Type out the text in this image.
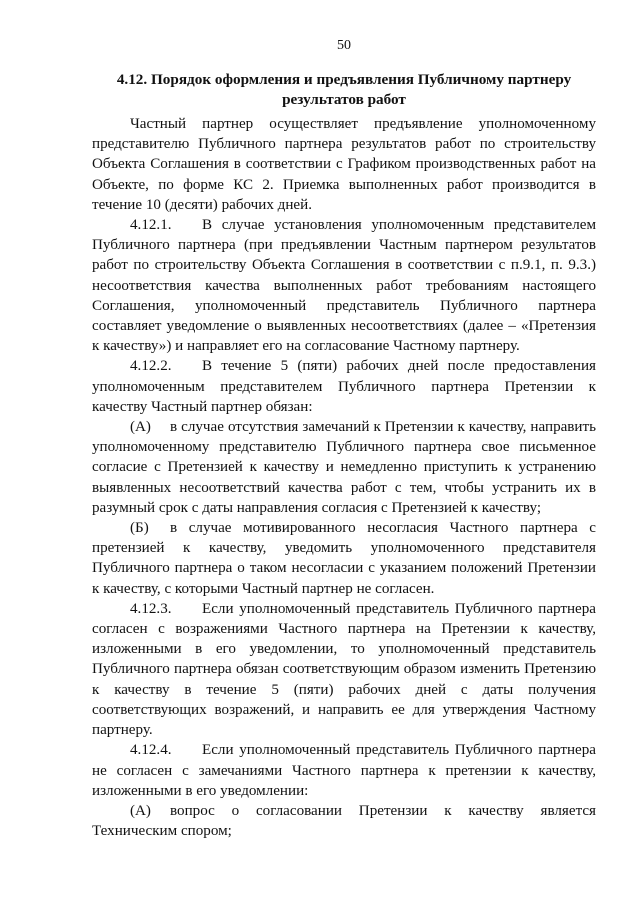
50
4.12. Порядок оформления и предъявления Публичному партнеру
результатов работ

Частный партнер осуществляет предъявление уполномоченному представителю Публичного партнера результатов работ по строительству Объекта Соглашения в соответствии с Графиком производственных работ на Объекте, по форме КС 2. Приемка выполненных работ производится в течение 10 (десяти) рабочих дней.

4.12.1. В случае установления уполномоченным представителем Публичного партнера (при предъявлении Частным партнером результатов работ по строительству Объекта Соглашения в соответствии с п.9.1, п. 9.3.) несоответствия качества выполненных работ требованиям настоящего Соглашения, уполномоченный представитель Публичного партнера составляет уведомление о выявленных несоответствиях (далее – «Претензия к качеству») и направляет его на согласование Частному партнеру.

4.12.2. В течение 5 (пяти) рабочих дней после предоставления уполномоченным представителем Публичного партнера Претензии к качеству Частный партнер обязан:

(А) в случае отсутствия замечаний к Претензии к качеству, направить уполномоченному представителю Публичного партнера свое письменное согласие с Претензией к качеству и немедленно приступить к устранению выявленных несоответствий качества работ с тем, чтобы устранить их в разумный срок с даты направления согласия с Претензией к качеству;

(Б) в случае мотивированного несогласия Частного партнера с претензией к качеству, уведомить уполномоченного представителя Публичного партнера о таком несогласии с указанием положений Претензии к качеству, с которыми Частный партнер не согласен.

4.12.3. Если уполномоченный представитель Публичного партнера согласен с возражениями Частного партнера на Претензии к качеству, изложенными в его уведомлении, то уполномоченный представитель Публичного партнера обязан соответствующим образом изменить Претензию к качеству в течение 5 (пяти) рабочих дней с даты получения соответствующих возражений, и направить ее для утверждения Частному партнеру.

4.12.4. Если уполномоченный представитель Публичного партнера не согласен с замечаниями Частного партнера к претензии к качеству, изложенными в его уведомлении:

(А) вопрос о согласовании Претензии к качеству является Техническим спором;
